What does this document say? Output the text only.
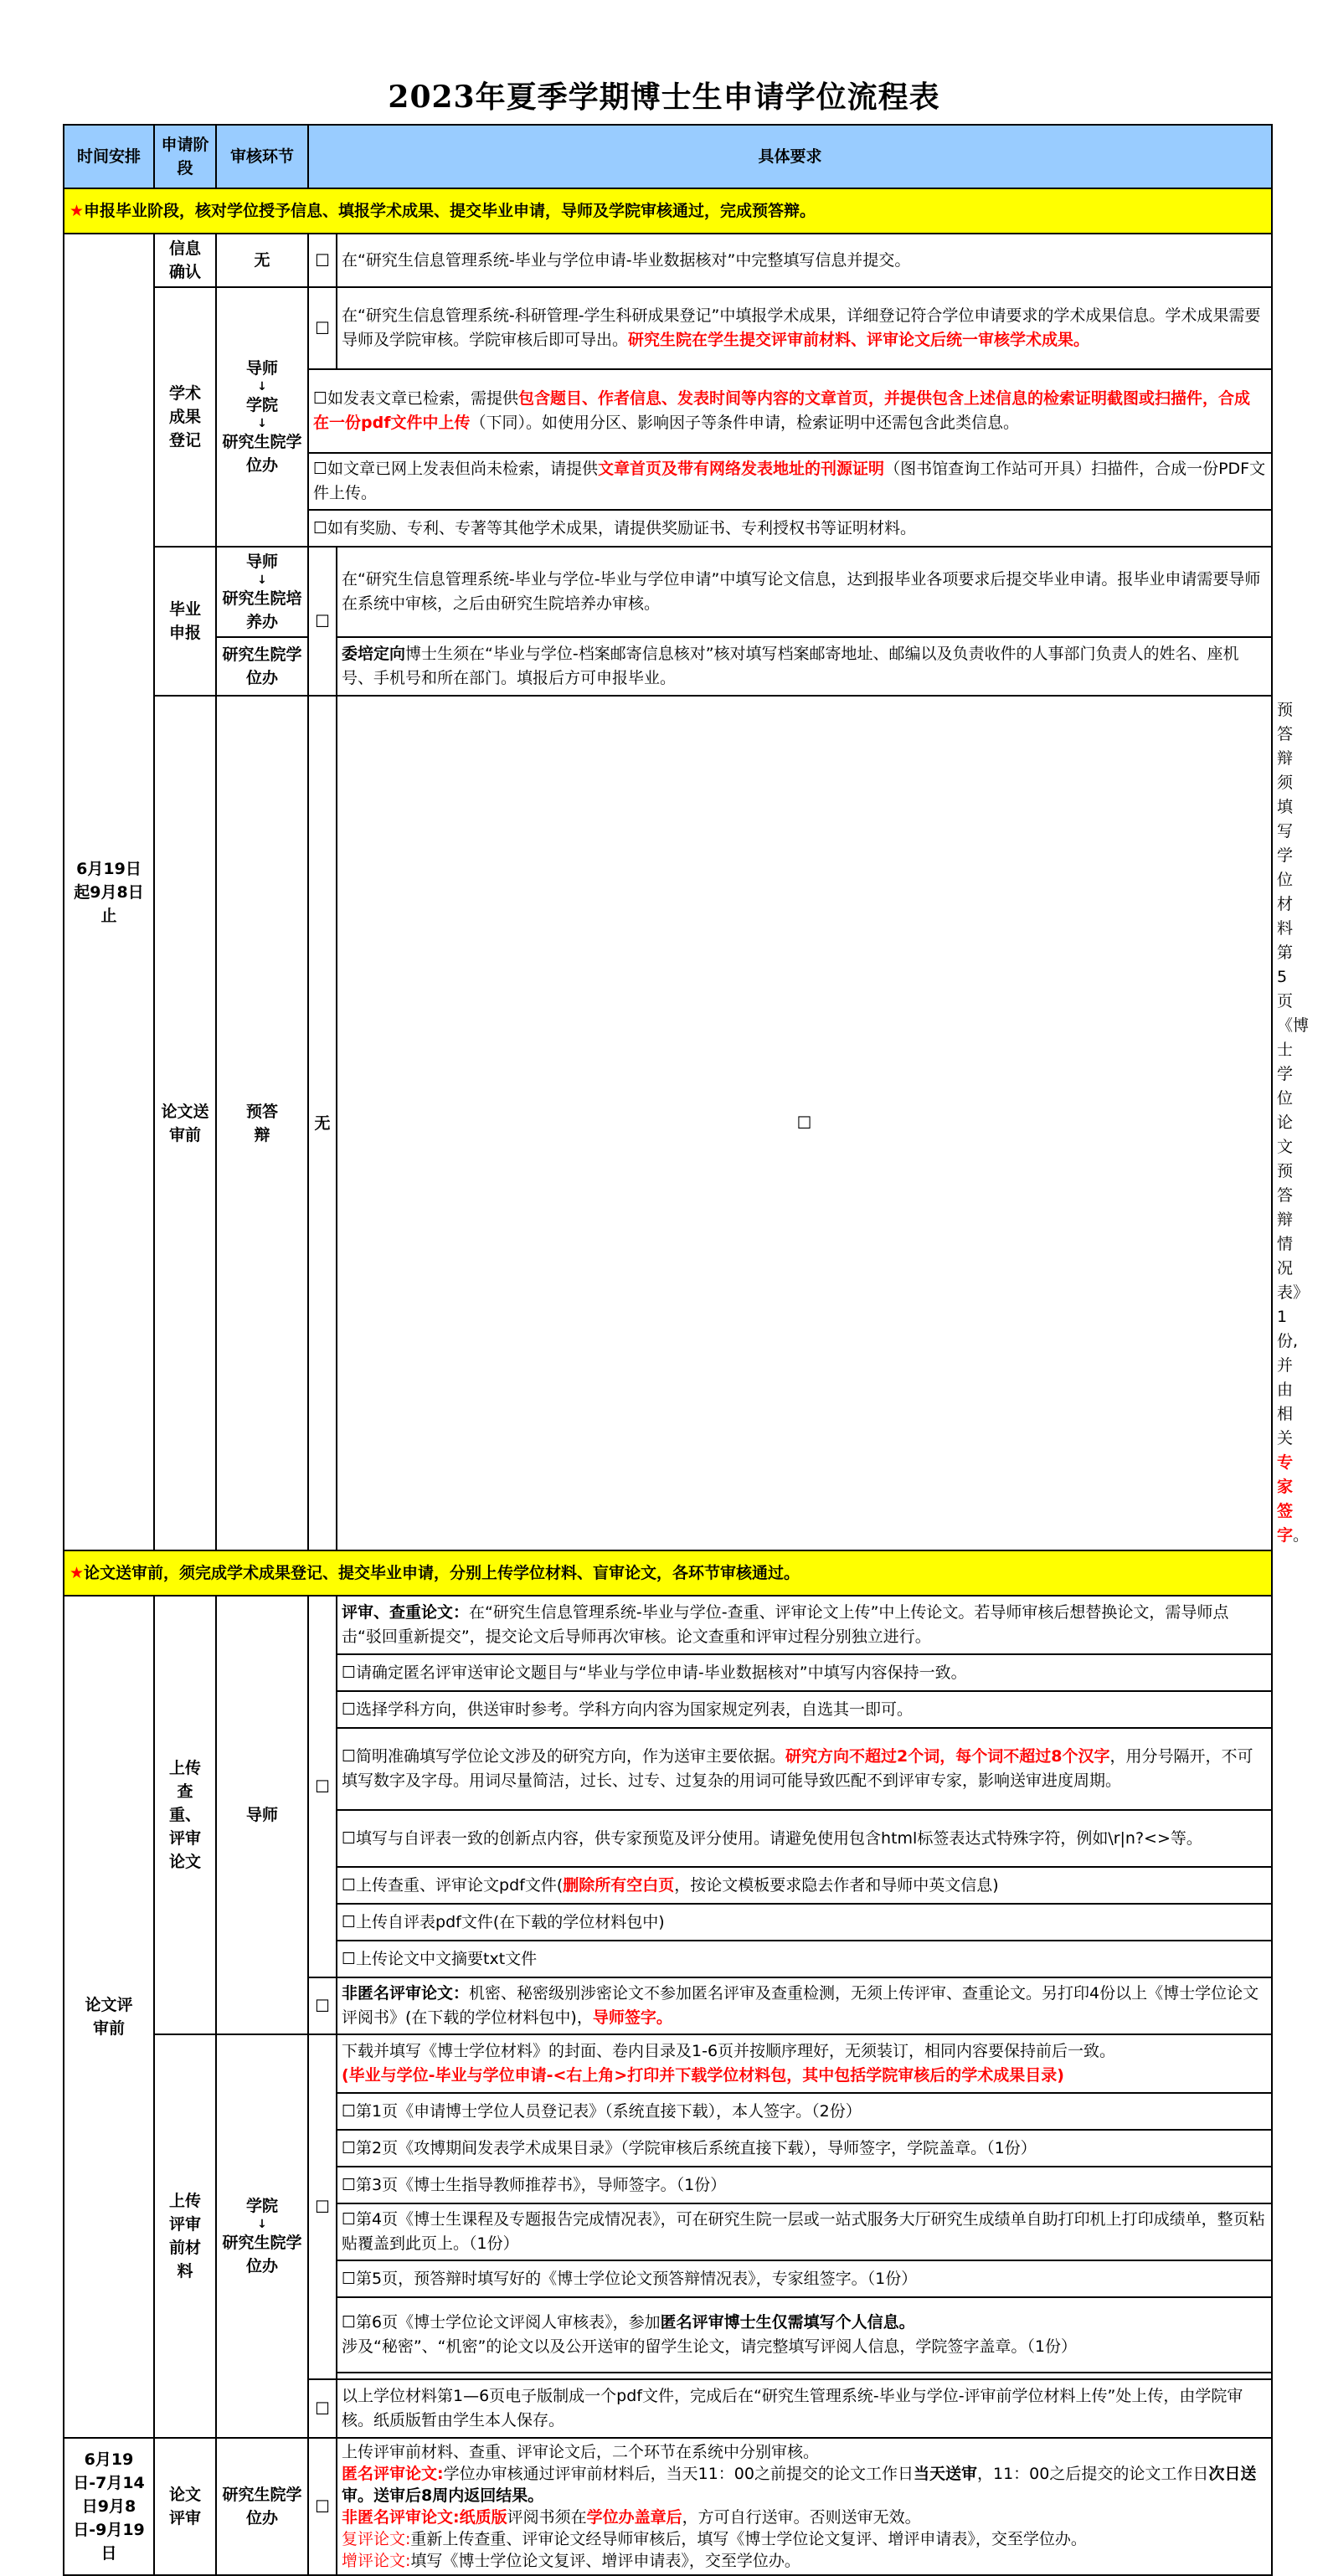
2023年夏季学期博士生申请学位流程表
时间安排	申请阶段	审核环节	具体要求		
★申报毕业阶段，核对学位授予信息、填报学术成果、提交毕业申请，导师及学院审核通过，完成预答辩。					

6月19日起9月8日止	信息确认	无	☐	在“研究生信息管理系统-毕业与学位申请-毕业数据核对”中完整填写信息并提交。	

	学术成果登记	导师
↓
学院
↓
研究生院学位办	☐	在“研究生信息管理系统-科研管理-学生科研成果登记”中填报学术成果，详细登记符合学位申请要求的学术成果信息。学术成果需要导师及学院审核。学院审核后即可导出。研究生院在学生提交评审前材料、评审论文后统一审核学术成果。	
			☐如发表文章已检索，需提供包含题目、作者信息、发表时间等内容的文章首页，并提供包含上述信息的检索证明截图或扫描件，合成在一份pdf文件中上传（下同）。如使用分区、影响因子等条件申请，检索证明中还需包含此类信息。		
			☐如文章已网上发表但尚未检索，请提供文章首页及带有网络发表地址的刊源证明（图书馆查询工作站可开具）扫描件，合成一份PDF文件上传。		
			☐如有奖励、专利、专著等其他学术成果，请提供奖励证书、专利授权书等证明材料。		

	毕业申报	导师
↓
研究生院培养办	☐	在“研究生信息管理系统-毕业与学位-毕业与学位申请”中填写论文信息，达到报毕业各项要求后提交毕业申请。报毕业申请需要导师在系统中审核，之后由研究生院培养办审核。	

		研究生院学位办		委培定向博士生须在“毕业与学位-档案邮寄信息核对”核对填写档案邮寄地址、邮编以及负责收件的人事部门负责人的姓名、座机号、手机号和所在部门。填报后方可申报毕业。	

	论文送审前	预答辩	无	☐	预答辩须填写学位材料第5页《博士学位论文预答辩情况表》1份,并由相关专家签字。
★论文送审前，须完成学术成果登记、提交毕业申请，分别上传学位材料、盲审论文，各环节审核通过。					

论文评审前	上传查重、评审论文	导师	☐	评审、查重论文：在“研究生信息管理系统-毕业与学位-查重、评审论文上传”中上传论文。若导师审核后想替换论文，需导师点击“驳回重新提交”，提交论文后导师再次审核。论文查重和评审过程分别独立进行。	
				☐请确定匿名评审送审论文题目与“毕业与学位申请-毕业数据核对”中填写内容保持一致。	
				☐选择学科方向，供送审时参考。学科方向内容为国家规定列表，自选其一即可。	
				☐简明准确填写学位论文涉及的研究方向，作为送审主要依据。研究方向不超过2个词，每个词不超过8个汉字，用分号隔开，不可填写数字及字母。用词尽量简洁，过长、过专、过复杂的用词可能导致匹配不到评审专家，影响送审进度周期。	
				☐填写与自评表一致的创新点内容，供专家预览及评分使用。请避免使用包含html标签表达式特殊字符，例如\r|n?<>等。	
				☐上传查重、评审论文pdf文件(删除所有空白页，按论文模板要求隐去作者和导师中英文信息)	
				☐上传自评表pdf文件(在下载的学位材料包中)	
				☐上传论文中文摘要txt文件	
			☐	非匿名评审论文：机密、秘密级别涉密论文不参加匿名评审及查重检测，无须上传评审、查重论文。另打印4份以上《博士学位论文评阅书》(在下载的学位材料包中)，导师签字。	

	上传评审前材料	学院
↓
研究生院学位办	☐	下载并填写《博士学位材料》的封面、卷内目录及1-6页并按顺序理好，无须装订，相同内容要保持前后一致。
(毕业与学位-毕业与学位申请-<右上角>打印并下载学位材料包，其中包括学院审核后的学术成果目录)	
				☐第1页《申请博士学位人员登记表》（系统直接下载），本人签字。（2份）	
				☐第2页《攻博期间发表学术成果目录》（学院审核后系统直接下载），导师签字，学院盖章。（1份）	
				☐第3页《博士生指导教师推荐书》，导师签字。（1份）	
				☐第4页《博士生课程及专题报告完成情况表》，可在研究生院一层或一站式服务大厅研究生成绩单自助打印机上打印成绩单，整页粘贴覆盖到此页上。（1份）	
				☐第5页，预答辩时填写好的《博士学位论文预答辩情况表》，专家组签字。（1份）	
				☐第6页《博士学位论文评阅人审核表》，参加匿名评审博士生仅需填写个人信息。
涉及“秘密”、“机密”的论文以及公开送审的留学生论文，请完整填写评阅人信息，学院签字盖章。（1份）	

			☐	以上学位材料第1—6页电子版制成一个pdf文件，完成后在“研究生管理系统-毕业与学位-评审前学位材料上传”处上传，由学院审核。纸质版暂由学生本人保存。	

6月19日-7月14日9月8日-9月19日	论文评审	研究生院学位办	☐	上传评审前材料、查重、评审论文后，二个环节在系统中分别审核。
匿名评审论文:学位办审核通过评审前材料后，当天11：00之前提交的论文工作日当天送审，11：00之后提交的论文工作日次日送审。送审后8周内返回结果。
非匿名评审论文:纸质版评阅书须在学位办盖章后，方可自行送审。否则送审无效。
复评论文:重新上传查重、评审论文经导师审核后，填写《博士学位论文复评、增评申请表》，交至学位办。
增评论文:填写《博士学位论文复评、增评申请表》，交至学位办。	
